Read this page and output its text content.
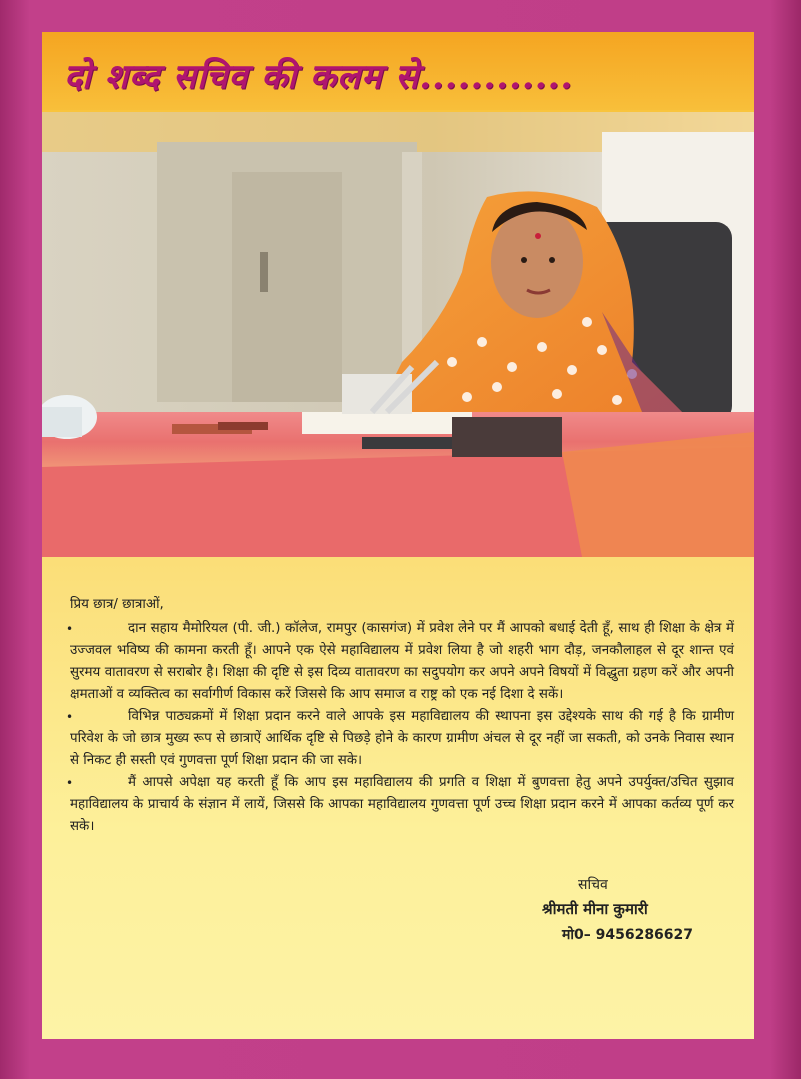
दो शब्द सचिव की कलम से............

प्रिय छात्र/ छात्राओं,

•	दान सहाय मैमोरियल (पी. जी.) कॉलेज, रामपुर (कासगंज) में प्रवेश लेने पर मैं आपको बधाई देती हूँ, साथ ही शिक्षा के क्षेत्र में उज्जवल भविष्य की कामना करती हूँ। आपने एक ऐसे महाविद्यालय में प्रवेश लिया है जो शहरी भाग दौड़, जनकौलाहल से दूर शान्त एवं सुरमय वातावरण से सराबोर है। शिक्षा की दृष्टि से इस दिव्य वातावरण का सदुपयोग कर अपने अपने विषयों में विद्धुता ग्रहण करें और अपनी क्षमताओं व व्यक्तित्व का सर्वागीर्ण विकास करें जिससे कि आप समाज व राष्ट्र को एक नई दिशा दे सकें।

•	विभिन्न पाठ्यक्रमों में शिक्षा प्रदान करने वाले आपके इस महाविद्यालय की स्थापना इस उद्देश्यके साथ की गई है कि ग्रामीण परिवेश के जो छात्र मुख्य रूप से छात्राऐं आर्थिक दृष्टि से पिछड़े होने के कारण ग्रामीण अंचल से दूर नहीं जा सकती, को उनके निवास स्थान से निकट ही सस्ती एवं गुणवत्ता पूर्ण शिक्षा प्रदान की जा सके।

•	मैं आपसे अपेक्षा यह करती हूँ कि आप इस महाविद्यालय की प्रगति व शिक्षा में बुणवत्ता हेतु अपने उपर्युक्त/उचित सुझाव महाविद्यालय के प्राचार्य के संज्ञान में लायें, जिससे कि आपका महाविद्यालय गुणवत्ता पूर्ण उच्च शिक्षा प्रदान करने में आपका कर्तव्य पूर्ण कर सके।

सचिव
श्रीमती मीना कुमारी
मो0– 9456286627
